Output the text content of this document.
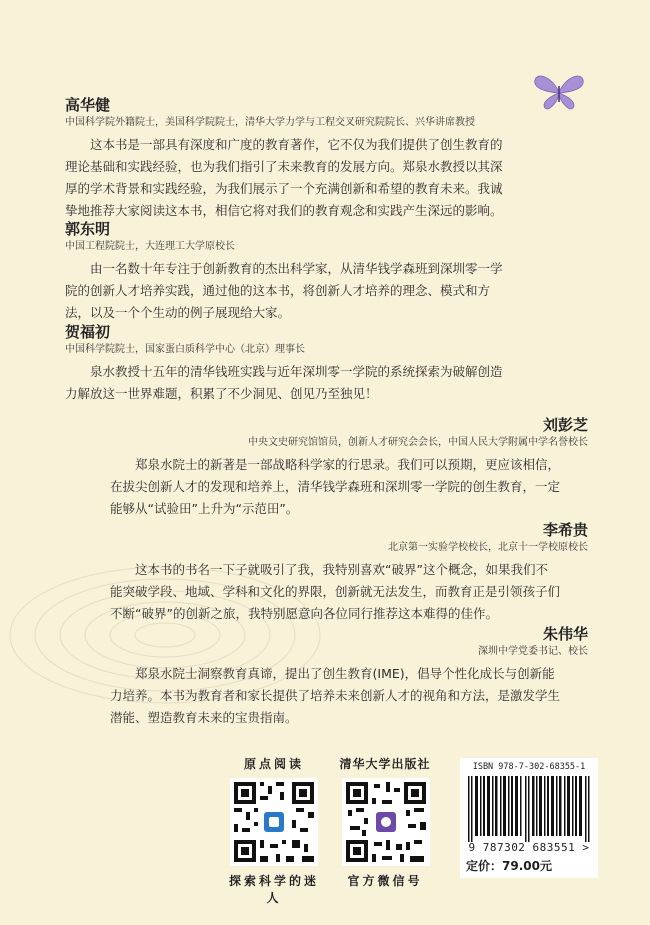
高华健
中国科学院外籍院士，美国科学院院士，清华大学力学与工程交叉研究院院长、兴华讲席教授
这本书是一部具有深度和广度的教育著作，它不仅为我们提供了创生教育的
理论基础和实践经验，也为我们指引了未来教育的发展方向。郑泉水教授以其深
厚的学术背景和实践经验，为我们展示了一个充满创新和希望的教育未来。我诚
挚地推荐大家阅读这本书，相信它将对我们的教育观念和实践产生深远的影响。
郭东明
中国工程院院士，大连理工大学原校长
由一名数十年专注于创新教育的杰出科学家，从清华钱学森班到深圳零一学
院的创新人才培养实践，通过他的这本书，将创新人才培养的理念、模式和方
法，以及一个个生动的例子展现给大家。
贺福初
中国科学院院士，国家蛋白质科学中心（北京）理事长
泉水教授十五年的清华钱班实践与近年深圳零一学院的系统探索为破解创造
力解放这一世界难题，积累了不少洞见、创见乃至独见！
刘彭芝
中央文史研究馆馆员，创新人才研究会会长，中国人民大学附属中学名誉校长
郑泉水院士的新著是一部战略科学家的行思录。我们可以预期，更应该相信，
在拔尖创新人才的发现和培养上，清华钱学森班和深圳零一学院的创生教育，一定
能够从“试验田”上升为“示范田”。
李希贵
北京第一实验学校校长，北京十一学校原校长
这本书的书名一下子就吸引了我，我特别喜欢“破界”这个概念，如果我们不
能突破学段、地域、学科和文化的界限，创新就无法发生，而教育正是引领孩子们
不断“破界”的创新之旅，我特别愿意向各位同行推荐这本难得的佳作。
朱伟华
深圳中学党委书记、校长
郑泉水院士洞察教育真谛，提出了创生教育(IME)，倡导个性化成长与创新能
力培养。本书为教育者和家长提供了培养未来创新人才的视角和方法，是激发学生
潜能、塑造教育未来的宝贵指南。
原点阅读
探索科学的迷人
清华大学出版社
官方微信号
ISBN 978-7-302-68355-1
9 787302 683551 >
定价：79.00元
